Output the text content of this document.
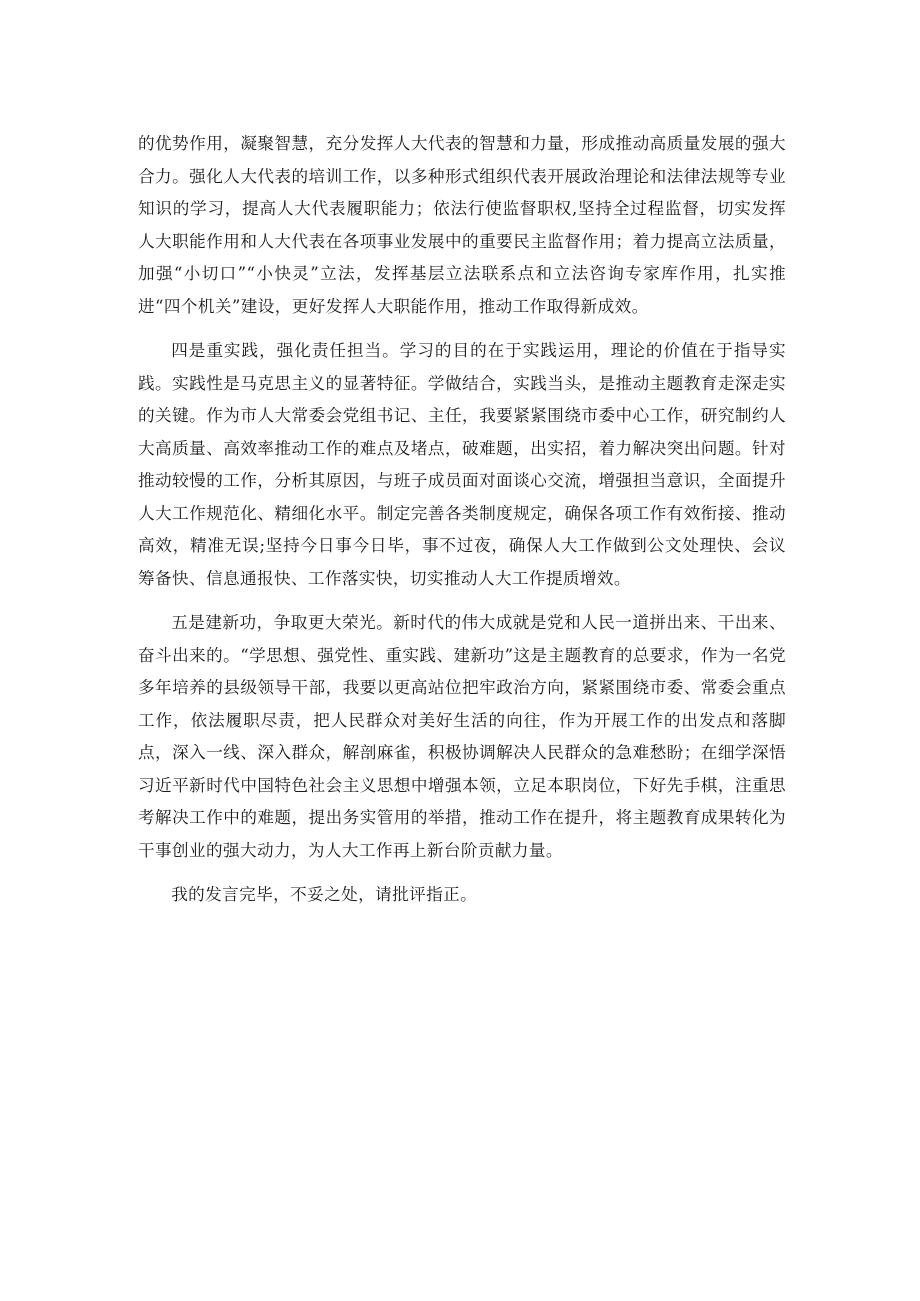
的优势作用，凝聚智慧，充分发挥人大代表的智慧和力量，形成推动高质量发展的强大合力。强化人大代表的培训工作，以多种形式组织代表开展政治理论和法律法规等专业知识的学习，提高人大代表履职能力；依法行使监督职权,坚持全过程监督，切实发挥人大职能作用和人大代表在各项事业发展中的重要民主监督作用；着力提高立法质量，加强“小切口”“小快灵”立法，发挥基层立法联系点和立法咨询专家库作用，扎实推进“四个机关”建设，更好发挥人大职能作用，推动工作取得新成效。

四是重实践，强化责任担当。学习的目的在于实践运用，理论的价值在于指导实践。实践性是马克思主义的显著特征。学做结合，实践当头，是推动主题教育走深走实的关键。作为市人大常委会党组书记、主任，我要紧紧围绕市委中心工作，研究制约人大高质量、高效率推动工作的难点及堵点，破难题，出实招，着力解决突出问题。针对推动较慢的工作，分析其原因，与班子成员面对面谈心交流，增强担当意识，全面提升人大工作规范化、精细化水平。制定完善各类制度规定，确保各项工作有效衔接、推动高效，精准无误;坚持今日事今日毕，事不过夜，确保人大工作做到公文处理快、会议筹备快、信息通报快、工作落实快，切实推动人大工作提质增效。

五是建新功，争取更大荣光。新时代的伟大成就是党和人民一道拼出来、干出来、奋斗出来的。“学思想、强党性、重实践、建新功”这是主题教育的总要求，作为一名党多年培养的县级领导干部，我要以更高站位把牢政治方向，紧紧围绕市委、常委会重点工作，依法履职尽责，把人民群众对美好生活的向往，作为开展工作的出发点和落脚点，深入一线、深入群众，解剖麻雀，积极协调解决人民群众的急难愁盼；在细学深悟习近平新时代中国特色社会主义思想中增强本领，立足本职岗位，下好先手棋，注重思考解决工作中的难题，提出务实管用的举措，推动工作在提升，将主题教育成果转化为干事创业的强大动力，为人大工作再上新台阶贡献力量。

我的发言完毕，不妥之处，请批评指正。
